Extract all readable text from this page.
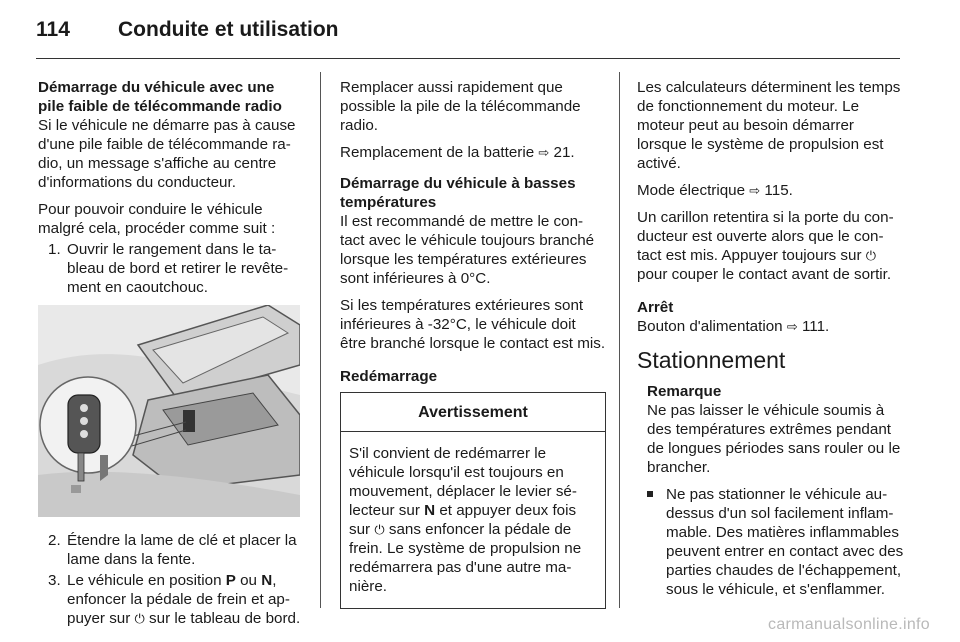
114	Conduite et utilisation

Démarrage du véhicule avec une pile faible de télécommande radio

Si le véhicule ne démarre pas à cause d'une pile faible de télécommande ra-dio, un message s'affiche au centre d'informations du conducteur.

Pour pouvoir conduire le véhicule malgré cela, procéder comme suit :

1. Ouvrir le rangement dans le ta-bleau de bord et retirer le revête-ment en caoutchouc.
2. Étendre la lame de clé et placer la lame dans la fente.
3. Le véhicule en position P ou N, enfoncer la pédale de frein et ap-puyer sur ⏻ sur le tableau de bord.

Remplacer aussi rapidement que possible la pile de la télécommande radio.

Remplacement de la batterie ⇨ 21.

Démarrage du véhicule à basses températures

Il est recommandé de mettre le con-tact avec le véhicule toujours branché lorsque les températures extérieures sont inférieures à 0°C.

Si les températures extérieures sont inférieures à -32°C, le véhicule doit être branché lorsque le contact est mis.

Redémarrage

Avertissement
S'il convient de redémarrer le véhicule lorsqu'il est toujours en mouvement, déplacer le levier sé-lecteur sur N et appuyer deux fois sur ⏻ sans enfoncer la pédale de frein. Le système de propulsion ne redémarrera pas d'une autre ma-nière.

Les calculateurs déterminent les temps de fonctionnement du moteur. Le moteur peut au besoin démarrer lorsque le système de propulsion est activé.

Mode électrique ⇨ 115.

Un carillon retentira si la porte du con-ducteur est ouverte alors que le con-tact est mis. Appuyer toujours sur ⏻ pour couper le contact avant de sortir.

Arrêt

Bouton d'alimentation ⇨ 111.

Stationnement

Remarque

Ne pas laisser le véhicule soumis à des températures extrêmes pendant de longues périodes sans rouler ou le brancher.

Ne pas stationner le véhicule au-dessus d'un sol facilement inflam-mable. Des matières inflammables peuvent entrer en contact avec des parties chaudes de l'échappement, sous le véhicule, et s'enflammer.
carmanualsonline.info
